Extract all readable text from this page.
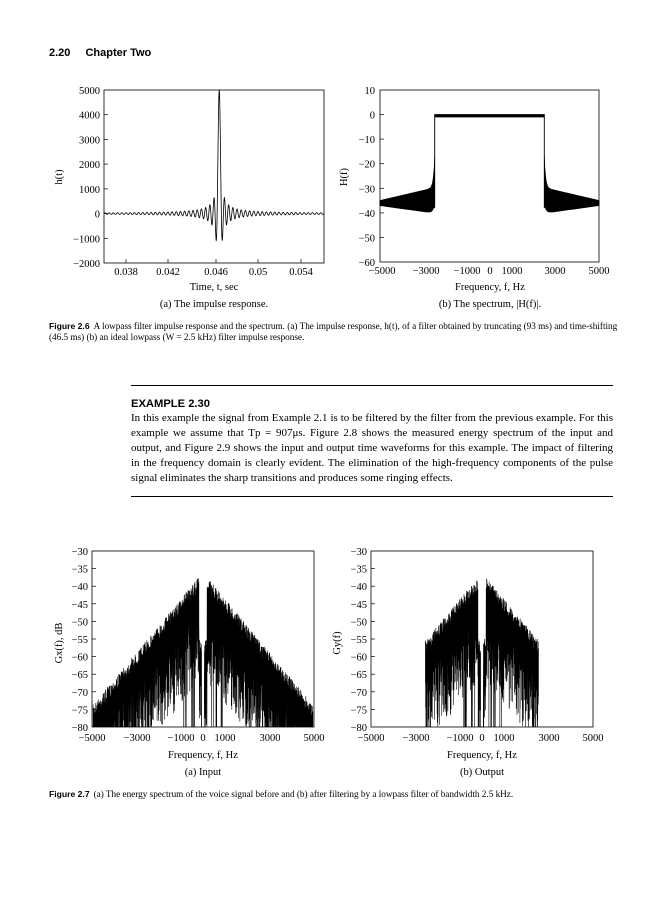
2.20 Chapter Two
5000
4000
3000
2000
1000
0
−1000
−2000
0.038 0.042 0.046 0.05 0.054
h(t)
Time, t, sec
(a) The impulse response.
10
0
−10
−20
−30
−40
−50
−60
−5000 −3000 −1000 0 1000 3000 5000
H(f)
Frequency, f, Hz
(b) The spectrum, |H(f)|.
−30
−35
−40
−45
−50
−55
−60
−65
−70
−75
−80
−5000 −3000 −1000 0 1000 3000 5000
Gx(f), dB
Frequency, f, Hz
(a) Input
−30
−35
−40
−45
−50
−55
−60
−65
−70
−75
−80
−5000 −3000 −1000 0 1000 3000 5000
Gy(f)
Frequency, f, Hz
(b) Output
Figure 2.6 A lowpass filter impulse response and the spectrum. (a) The impulse response, h(t), of a filter obtained by truncating (93 ms) and time-shifting (46.5 ms) (b) an ideal lowpass (W = 2.5 kHz) filter impulse response.
EXAMPLE 2.30
In this example the signal from Example 2.1 is to be filtered by the filter from the previous example. For this example we assume that Tp = 907μs. Figure 2.8 shows the measured energy spectrum of the input and output, and Figure 2.9 shows the input and output time waveforms for this example. The impact of filtering in the frequency domain is clearly evident. The elimination of the high-frequency components of the pulse signal eliminates the sharp transitions and produces some ringing effects.
Figure 2.7 (a) The energy spectrum of the voice signal before and (b) after filtering by a lowpass filter of bandwidth 2.5 kHz.
